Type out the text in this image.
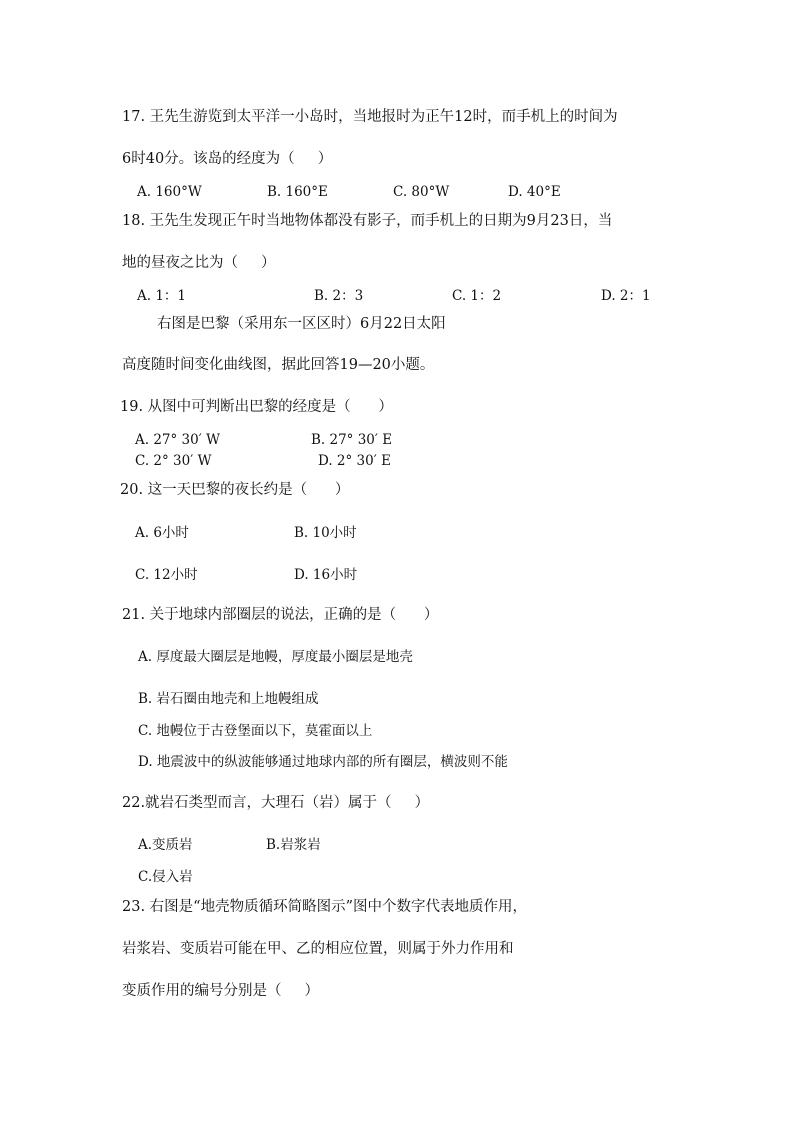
17. 王先生游览到太平洋一小岛时，当地报时为正午12时，而手机上的时间为
6时40分。该岛的经度为（     ）
A. 160°W	B. 160°E	C. 80°W	D. 40°E
18. 王先生发现正午时当地物体都没有影子，而手机上的日期为9月23日，当
地的昼夜之比为（     ）
A. 1：1	B. 2：3	C. 1：2	D. 2：1
右图是巴黎（采用东一区区时）6月22日太阳
高度随时间变化曲线图，据此回答19—20小题。
19. 从图中可判断出巴黎的经度是（      ）
A. 27° 30′ W	B. 27° 30′ E
C. 2° 30′ W	D. 2° 30′ E
20. 这一天巴黎的夜长约是（      ）
A. 6小时	B. 10小时
C. 12小时	D. 16小时
21. 关于地球内部圈层的说法，正确的是（      ）
A. 厚度最大圈层是地幔，厚度最小圈层是地壳
B. 岩石圈由地壳和上地幔组成
C. 地幔位于古登堡面以下，莫霍面以上
D. 地震波中的纵波能够通过地球内部的所有圈层，横波则不能
22.就岩石类型而言，大理石（岩）属于（     ）
A.变质岩	B.岩浆岩
C.侵入岩
23. 右图是“地壳物质循环简略图示”图中个数字代表地质作用，
岩浆岩、变质岩可能在甲、乙的相应位置，则属于外力作用和
变质作用的编号分别是（     ）
